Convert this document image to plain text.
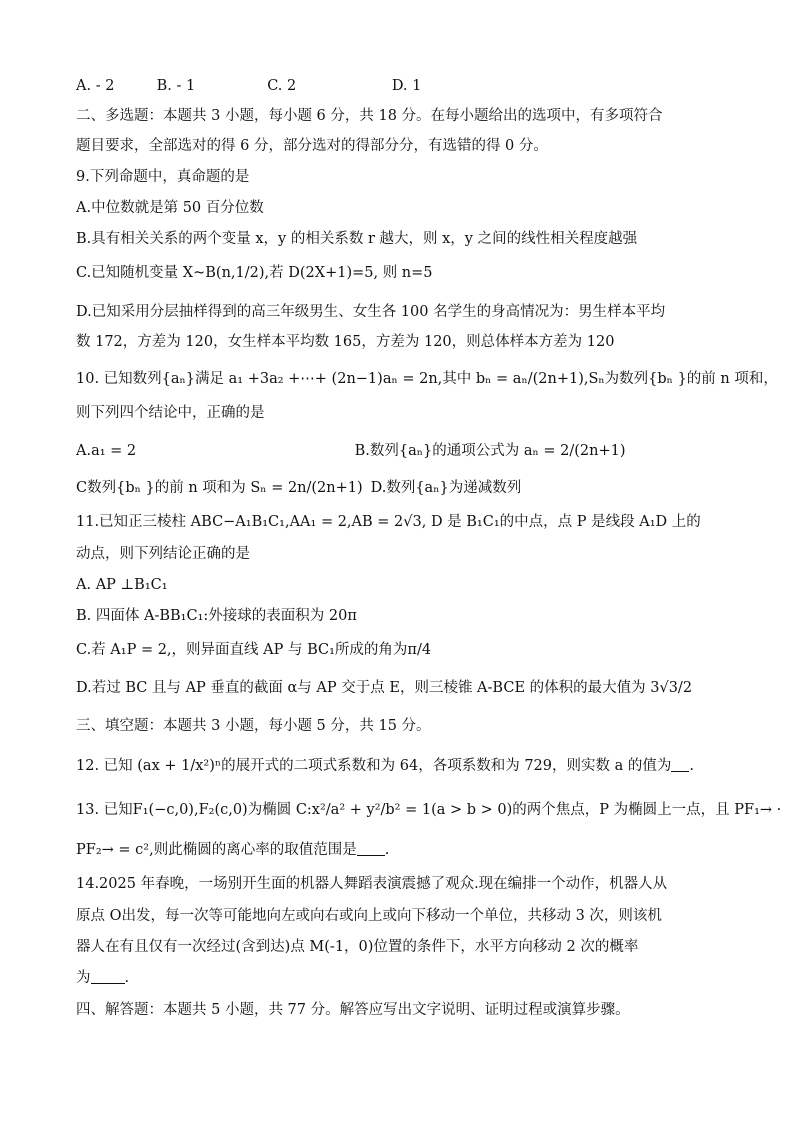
A. - 2	B. - 1	C. 2	D. 1
二、多选题：本题共 3 小题，每小题 6 分，共 18 分。在每小题给出的选项中，有多项符合
题目要求，全部选对的得 6 分，部分选对的得部分分，有选错的得 0 分。
9.下列命题中，真命题的是
A.中位数就是第 50 百分位数
B.具有相关关系的两个变量 x，y 的相关系数 r 越大，则 x，y 之间的线性相关程度越强
C.已知随机变量 X~B(n,1/2),若 D(2X+1)=5, 则 n=5
D.已知采用分层抽样得到的高三年级男生、女生各 100 名学生的身高情况为：男生样本平均
数 172，方差为 120，女生样本平均数 165，方差为 120，则总体样本方差为 120
10. 已知数列{aₙ}满足 a₁ +3a₂ +⋯+ (2n−1)aₙ = 2n,其中 bₙ = aₙ/(2n+1),Sₙ为数列{bₙ }的前 n 项和，
则下列四个结论中，正确的是
A.a₁ = 2	B.数列{aₙ}的通项公式为 aₙ = 2/(2n+1)
C数列{bₙ }的前 n 项和为 Sₙ = 2n/(2n+1) D.数列{aₙ}为递减数列
11.已知正三棱柱 ABC−A₁B₁C₁,AA₁ = 2,AB = 2√3, D 是 B₁C₁的中点，点 P 是线段 A₁D 上的
动点，则下列结论正确的是
A. AP ⊥B₁C₁
B. 四面体 A-BB₁C₁:外接球的表面积为 20π
C.若 A₁P = 2,，则异面直线 AP 与 BC₁所成的角为π/4
D.若过 BC 且与 AP 垂直的截面 α与 AP 交于点 E，则三棱锥 A-BCE 的体积的最大值为 3√3/2
三、填空题：本题共 3 小题，每小题 5 分，共 15 分。
12. 已知 (ax + 1/x²)ⁿ的展开式的二项式系数和为 64，各项系数和为 729，则实数 a 的值为 .
13. 已知F₁(−c,0),F₂(c,0)为椭圆 C:x²/a² + y²/b² = 1(a > b > 0)的两个焦点，P 为椭圆上一点，且 PF₁→ ·
PF₂→ = c²,则此椭圆的离心率的取值范围是 .
14.2025 年春晚，一场别开生面的机器人舞蹈表演震撼了观众.现在编排一个动作，机器人从
原点 O出发，每一次等可能地向左或向右或向上或向下移动一个单位，共移动 3 次，则该机
器人在有且仅有一次经过(含到达)点 M(-1，0)位置的条件下，水平方向移动 2 次的概率
为 .
四、解答题：本题共 5 小题，共 77 分。解答应写出文字说明、证明过程或演算步骤。
